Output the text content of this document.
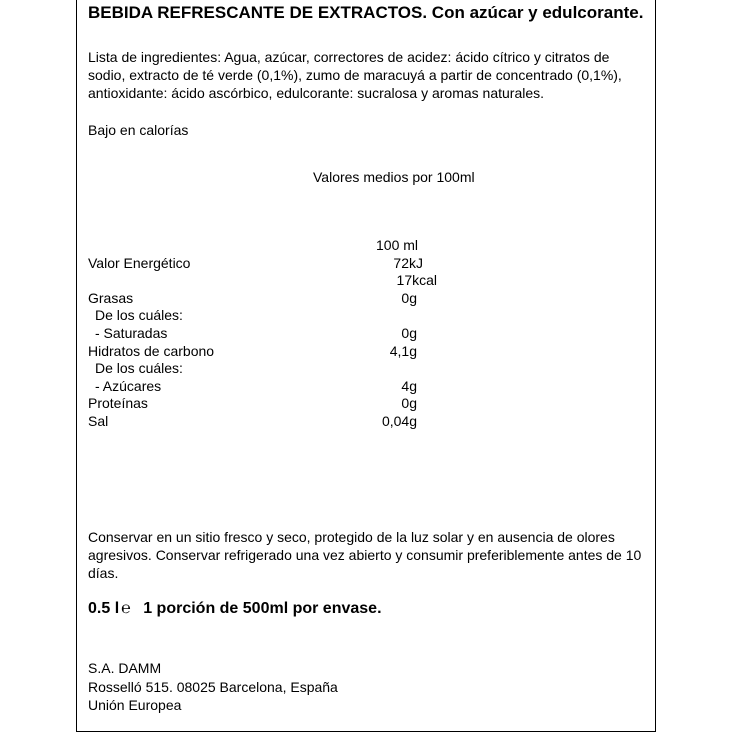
BEBIDA REFRESCANTE DE EXTRACTOS. Con azúcar y edulcorante.
Lista de ingredientes: Agua, azúcar, correctores de acidez: ácido cítrico y citratos de sodio, extracto de té verde (0,1%), zumo de maracuyá a partir de concentrado (0,1%), antioxidante: ácido ascórbico, edulcorante: sucralosa y aromas naturales.
Bajo en calorías
Valores medios por 100ml
100 ml
Valor Energético	72kJ
17kcal
Grasas	0g
De los cuáles:
- Saturadas	0g
Hidratos de carbono	4,1g
De los cuáles:
- Azúcares	4g
Proteínas	0g
Sal	0,04g
Conservar en un sitio fresco y seco, protegido de la luz solar y en ausencia de olores agresivos. Conservar refrigerado una vez abierto y consumir preferiblemente antes de 10 días.
0.5 l ℮ 1 porción de 500ml por envase.
S.A. DAMM
Rosselló 515. 08025 Barcelona, España
Unión Europea
